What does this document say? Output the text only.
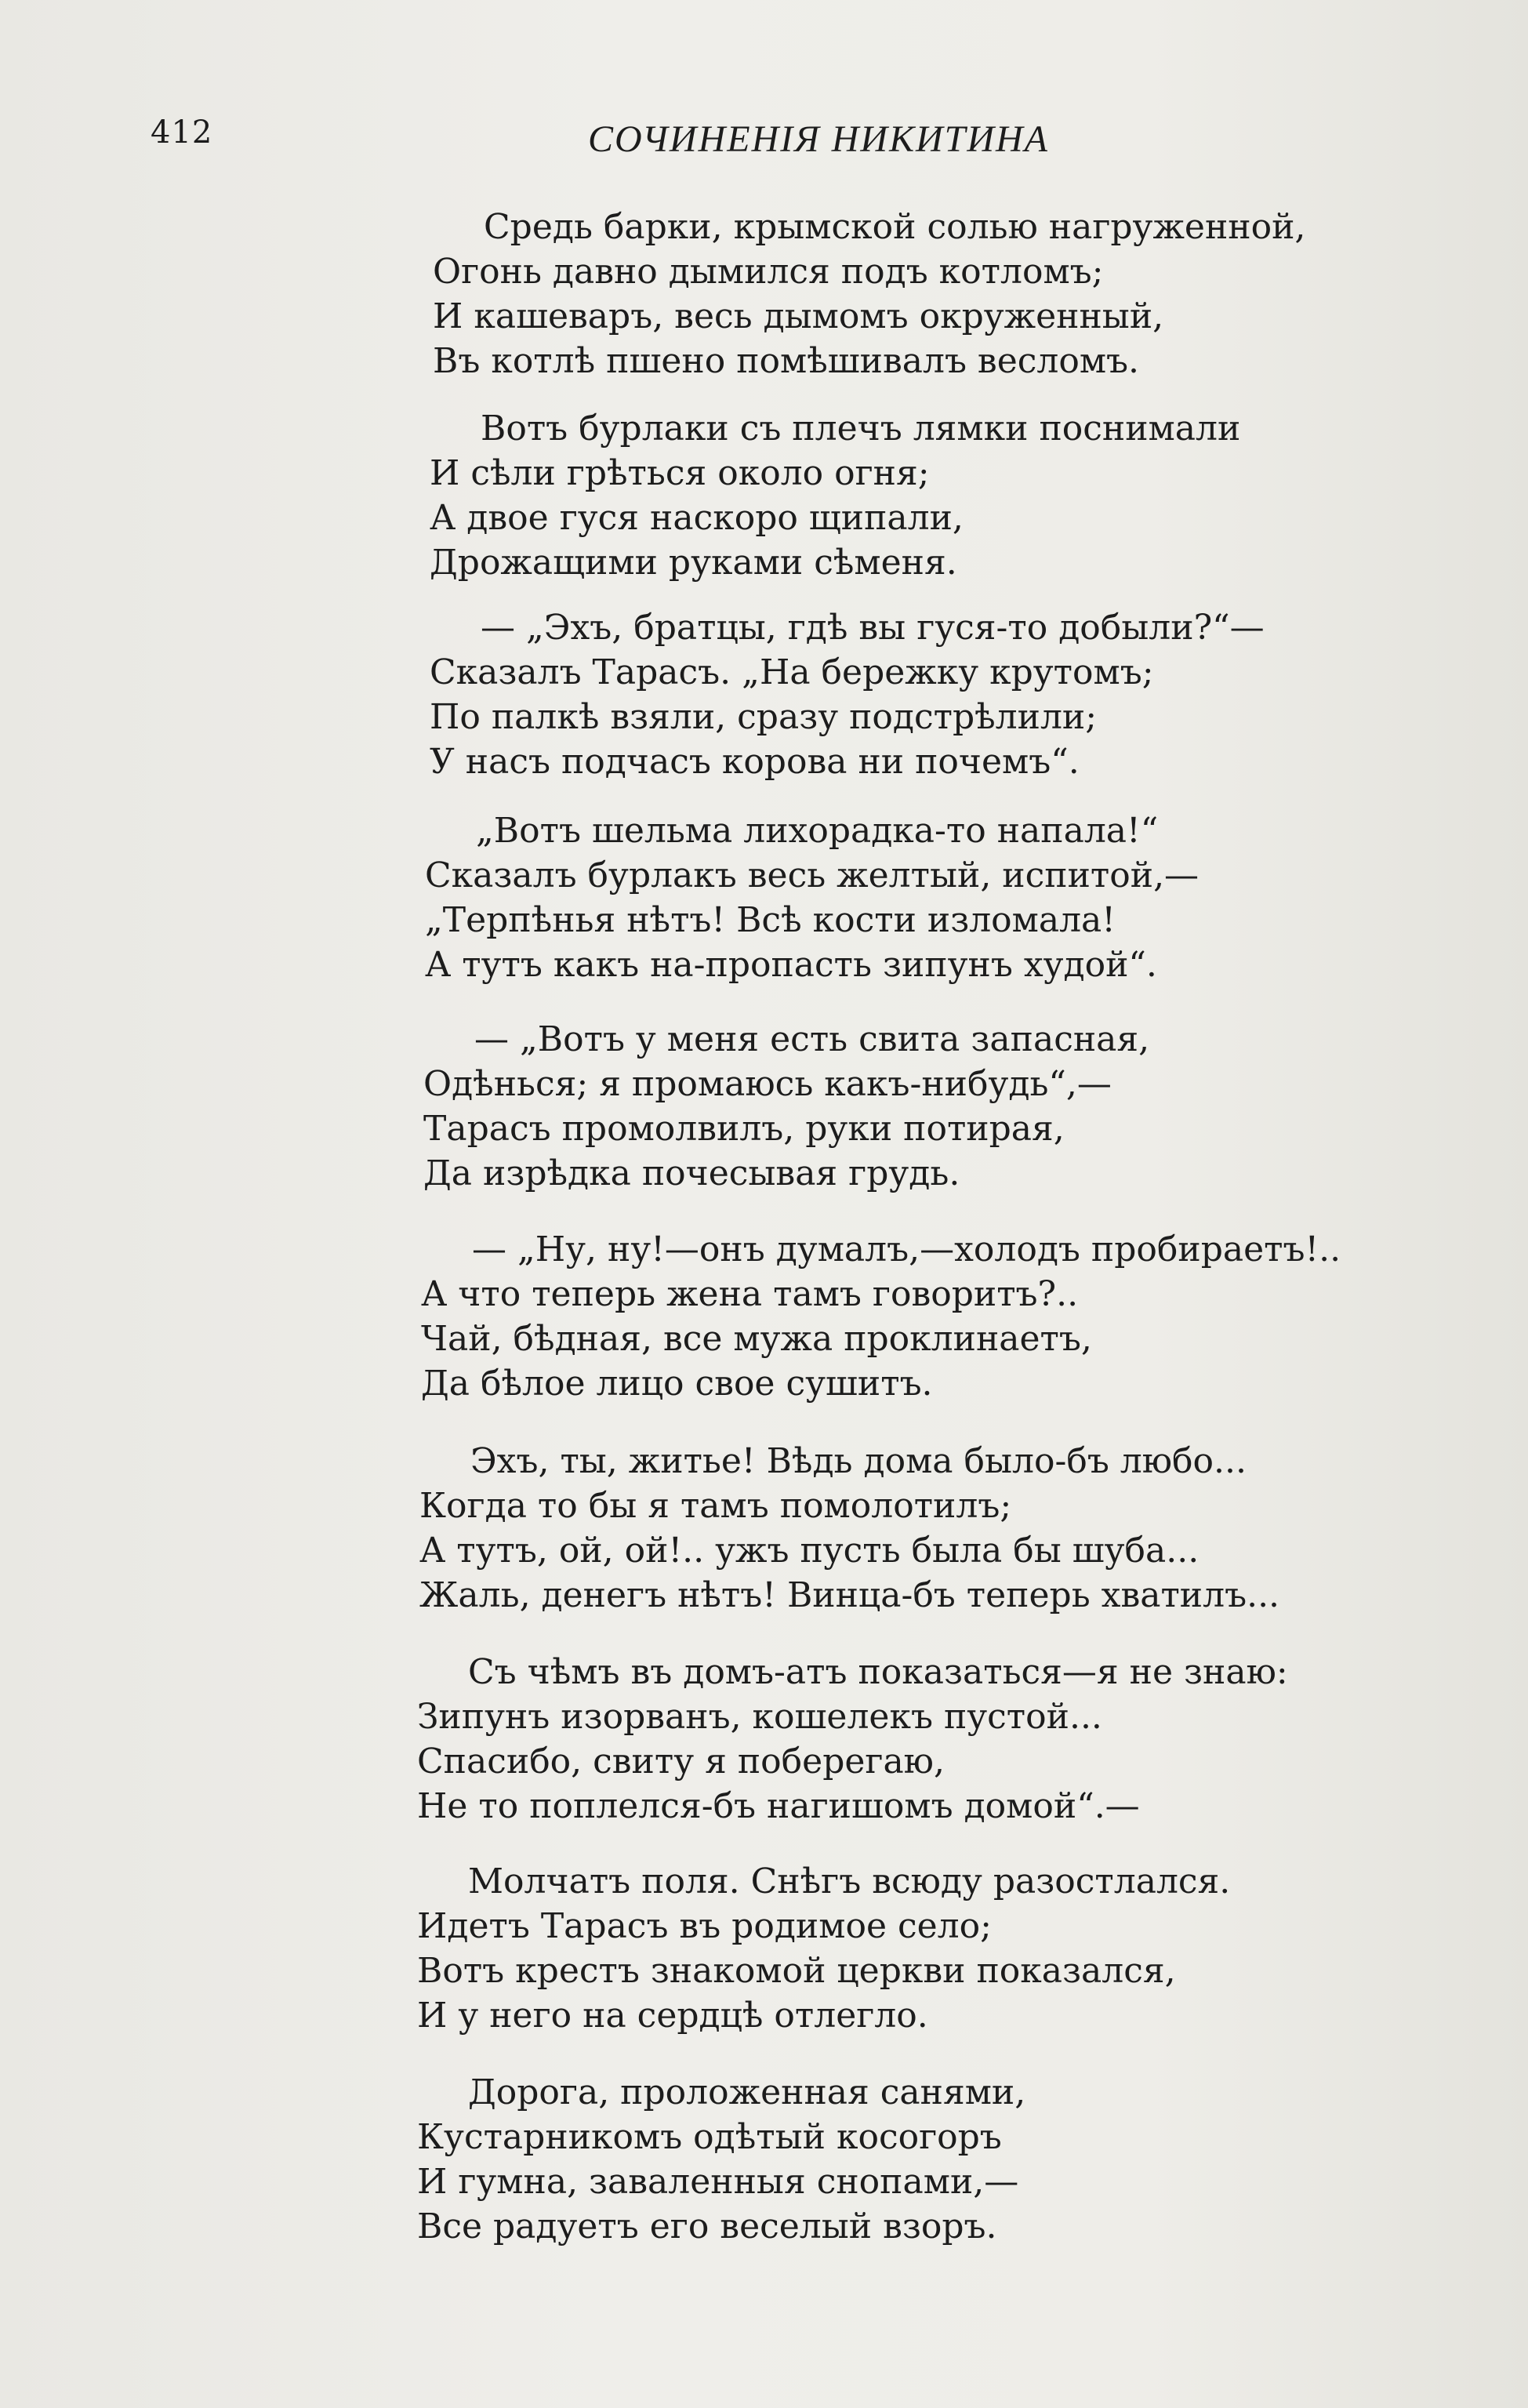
412	СОЧИНЕНІЯ НИКИТИНА
Средь барки, крымской солью нагруженной,
Огонь давно дымился подъ котломъ;
И кашеваръ, весь дымомъ окруженный,
Въ котлѣ пшено помѣшивалъ весломъ.
Вотъ бурлаки съ плечъ лямки поснимали
И сѣли грѣться около огня;
А двое гуся наскоро щипали,
Дрожащими руками сѣменя.
— „Эхъ, братцы, гдѣ вы гуся-то добыли?“—
Сказалъ Тарасъ. „На бережку крутомъ;
По палкѣ взяли, сразу подстрѣлили;
У насъ подчасъ корова ни почемъ“.
„Вотъ шельма лихорадка-то напала!“
Сказалъ бурлакъ весь желтый, испитой,—
„Терпѣнья нѣтъ! Всѣ кости изломала!
А тутъ какъ на-пропасть зипунъ худой“.
— „Вотъ у меня есть свита запасная,
Одѣнься; я промаюсь какъ-нибудь“,—
Тарасъ промолвилъ, руки потирая,
Да изрѣдка почесывая грудь.
— „Ну, ну!—онъ думалъ,—холодъ пробираетъ!..
А что теперь жена тамъ говоритъ?..
Чай, бѣдная, все мужа проклинаетъ,
Да бѣлое лицо свое сушитъ.
Эхъ, ты, житье! Вѣдь дома было-бъ любо...
Когда то бы я тамъ помолотилъ;
А тутъ, ой, ой!.. ужъ пусть была бы шуба...
Жаль, денегъ нѣтъ! Винца-бъ теперь хватилъ...
Съ чѣмъ въ домъ-атъ показаться—я не знаю:
Зипунъ изорванъ, кошелекъ пустой...
Спасибо, свиту я поберегаю,
Не то поплелся-бъ нагишомъ домой“.—
Молчатъ поля. Снѣгъ всюду разостлался.
Идетъ Тарасъ въ родимое село;
Вотъ крестъ знакомой церкви показался,
И у него на сердцѣ отлегло.
Дорога, проложенная санями,
Кустарникомъ одѣтый косогоръ
И гумна, заваленныя снопами,—
Все радуетъ его веселый взоръ.
